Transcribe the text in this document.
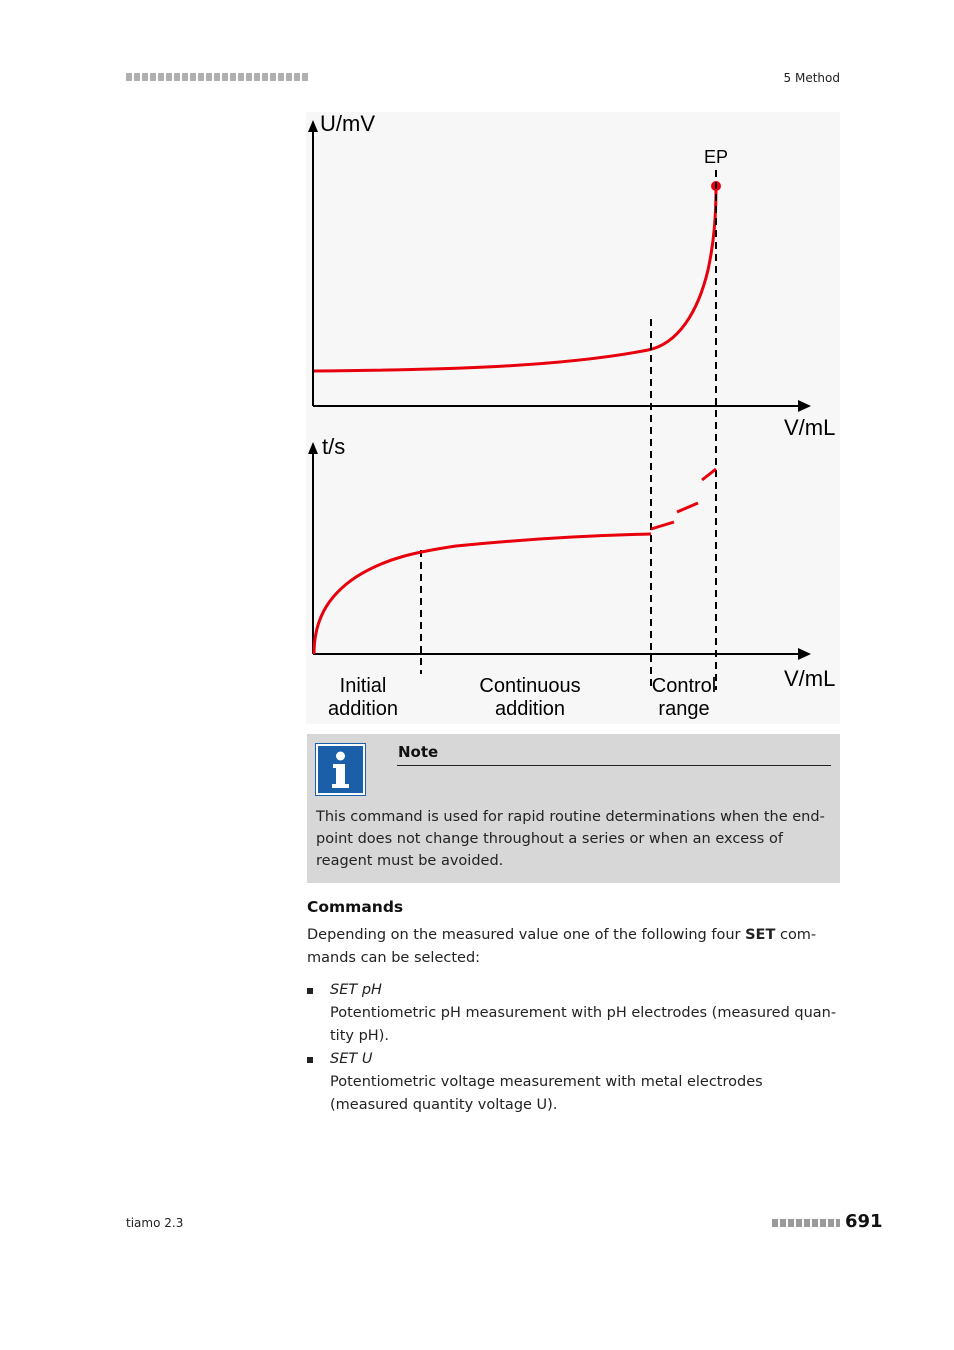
5 Method
U/mV
V/mL
EP
t/s
V/mL
Initial
addition
Continuous
addition
Control
range
Note
This command is used for rapid routine determinations when the end-point does not change throughout a series or when an excess of reagent must be avoided.
Commands
Depending on the measured value one of the following four SET com-mands can be selected:
SET pH
Potentiometric pH measurement with pH electrodes (measured quan-tity pH).
SET U
Potentiometric voltage measurement with metal electrodes (measured quantity voltage U).
tiamo 2.3	691
